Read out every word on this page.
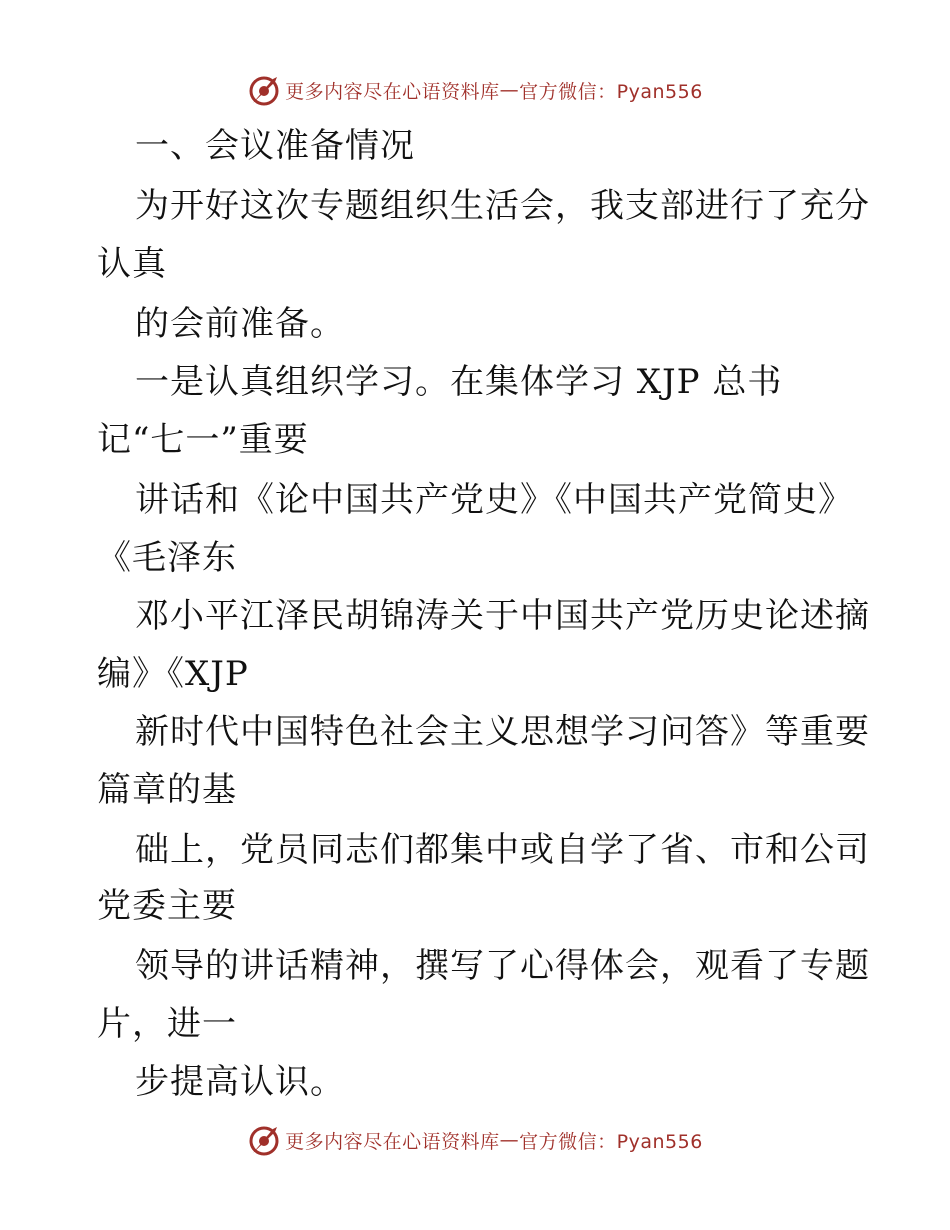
更多内容尽在心语资料库 — 官方微信：Pyan556
一、会议准备情况
为开好这次专题组织生活会，我支部进行了充分
认真
的会前准备。
一是认真组织学习。在集体学习 XJP 总书
记“七一”重要
讲话和《论中国共产党史》《中国共产党简史》
《毛泽东
邓小平江泽民胡锦涛关于中国共产党历史论述摘
编》《XJP
新时代中国特色社会主义思想学习问答》等重要
篇章的基
础上，党员同志们都集中或自学了省、市和公司
党委主要
领导的讲话精神，撰写了心得体会，观看了专题
片，进一
步提高认识。
更多内容尽在心语资料库 — 官方微信：Pyan556
